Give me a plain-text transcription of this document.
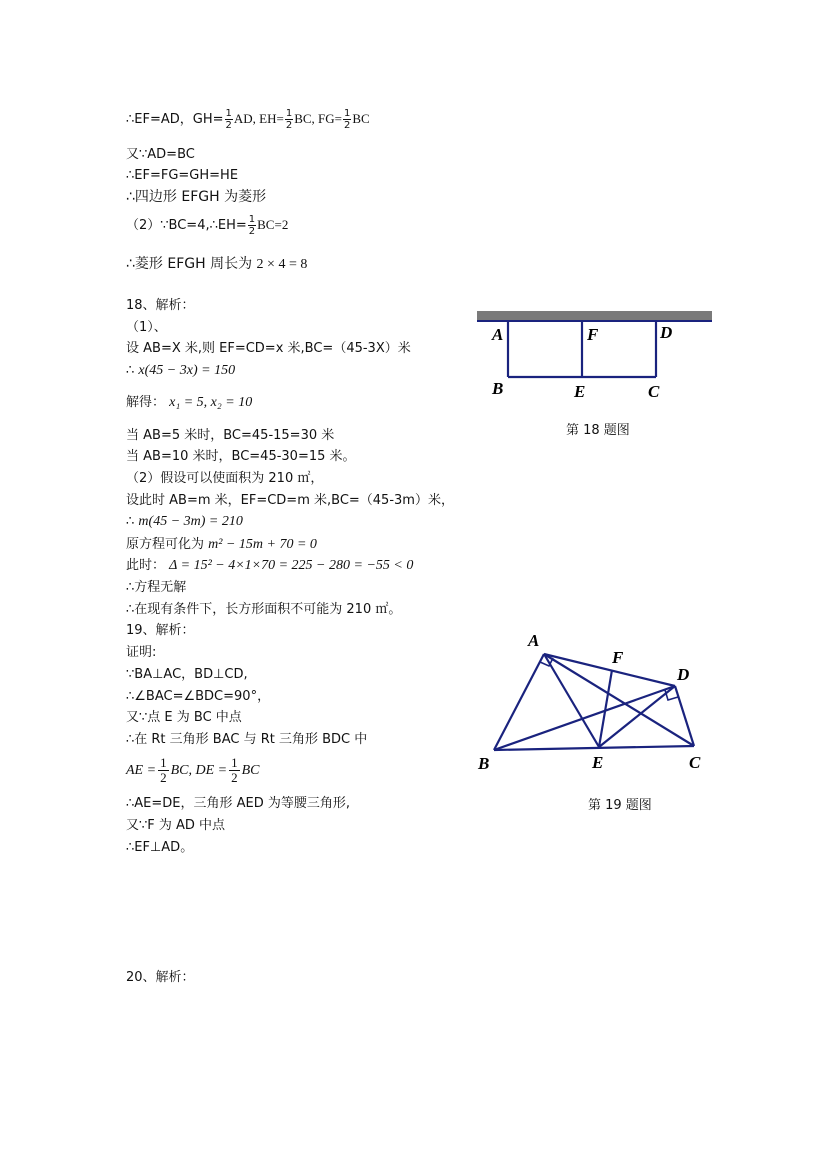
∴EF=AD，$GH= \frac{1}{2}$ AD, $EH= \frac{1}{2}$ BC, $FG= \frac{1}{2}$ BC
又∵AD=BC
∴EF=FG=GH=HE
∴四边形 EFGH 为菱形
（2）∵BC=4,∴EH= $\frac{1}{2} BC=2$
∴菱形 EFGH 周长为 2 × 4 = 8
18、解析：
（1）、
设 AB=X 米,则 EF=CD=x 米,BC=（45-3X）米
∴ x(45 − 3x) = 150
解得： x₁ = 5, x₂ = 10
当 AB=5 米时，BC=45-15=30 米
当 AB=10 米时，BC=45-30=15 米。
（2）假设可以使面积为 210 ㎡，
设此时 AB=m 米，EF=CD=m 米,BC=（45-3m）米，
∴ m(45 − 3m) = 210
原方程可化为 m² − 15m + 70 = 0
此时： Δ = 15² − 4×1×70 = 225 − 280 = −55 < 0
∴方程无解
∴在现有条件下，长方形面积不可能为 210 ㎡。
A	F	D
B	E	C
第 18 题图
19、解析：
证明:
∵BA⊥AC，BD⊥CD,
∴∠BAC=∠BDC=90°，
又∵点 E 为 BC 中点
∴在 Rt 三角形 BAC 与 Rt 三角形 BDC 中
AE = $\frac{1}{2}$ BC, DE = $\frac{1}{2}$ BC
∴AE=DE，三角形 AED 为等腰三角形,
又∵F 为 AD 中点
∴EF⊥AD。
A
F
D
B	E	C
第 19 题图
20、解析：
